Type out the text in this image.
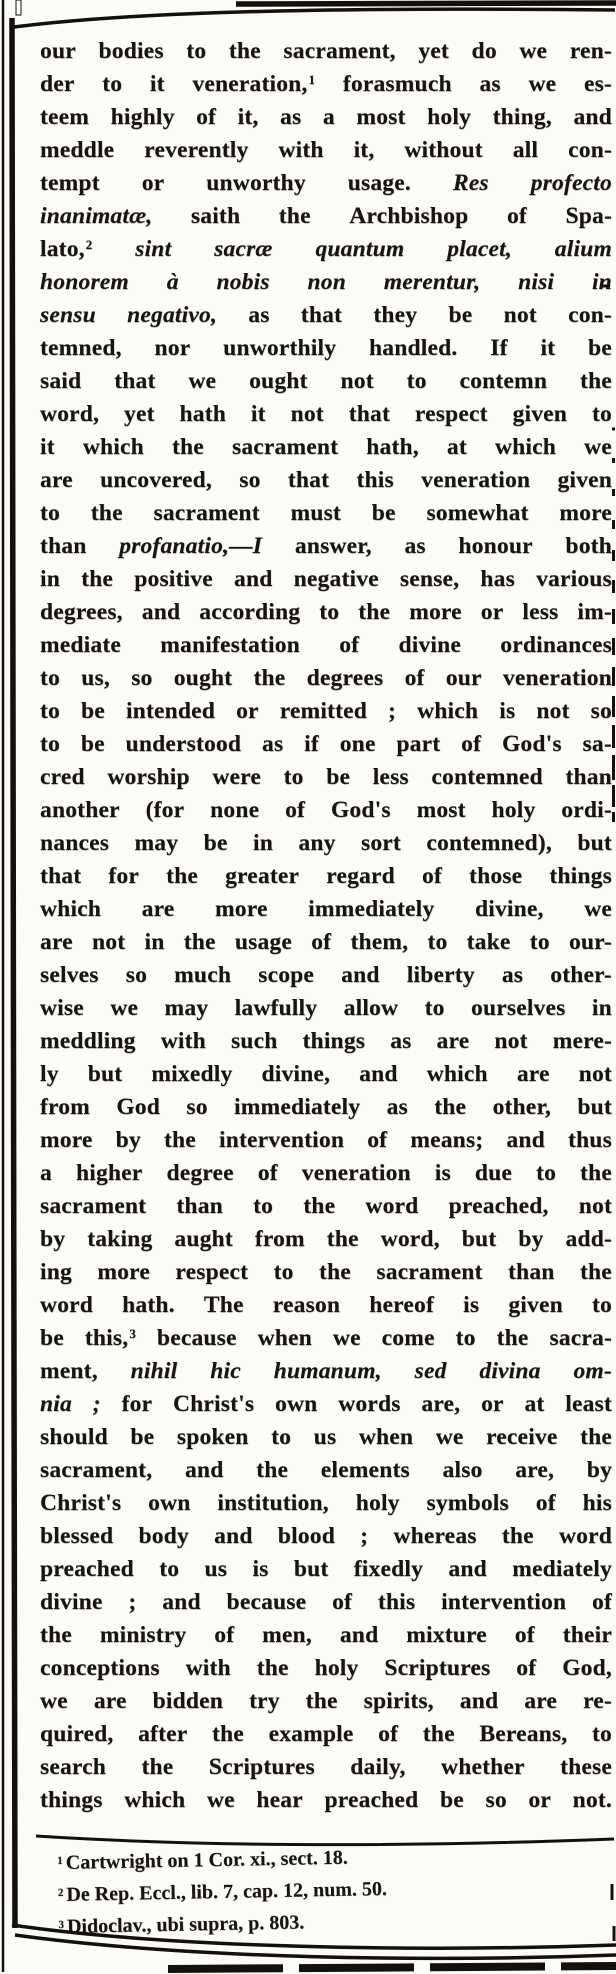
our bodies to the sacrament, yet do we ren-
der to it veneration,$^1$ forasmuch as we es-
teem highly of it, as a most holy thing, and
meddle reverently with it, without all con-
tempt or unworthy usage. Res profecto
inanimatæ, saith the Archbishop of Spa-
lato,$^2$ sint sacræ quantum placet, alium
honorem à nobis non merentur, nisi in
sensu negativo, as that they be not con-
temned, nor unworthily handled. If it be
said that we ought not to contemn the
word, yet hath it not that respect given to
it which the sacrament hath, at which we
are uncovered, so that this veneration given
to the sacrament must be somewhat more
than profanatio,—I answer, as honour both
in the positive and negative sense, has various
degrees, and according to the more or less im-
mediate manifestation of divine ordinances
to us, so ought the degrees of our veneration
to be intended or remitted ; which is not so
to be understood as if one part of God's sa-
cred worship were to be less contemned than
another (for none of God's most holy ordi-
nances may be in any sort contemned), but
that for the greater regard of those things
which are more immediately divine, we
are not in the usage of them, to take to our-
selves so much scope and liberty as other-
wise we may lawfully allow to ourselves in
meddling with such things as are not mere-
ly but mixedly divine, and which are not
from God so immediately as the other, but
more by the intervention of means; and thus
a higher degree of veneration is due to the
sacrament than to the word preached, not
by taking aught from the word, but by add-
ing more respect to the sacrament than the
word hath. The reason hereof is given to
be this,$^3$ because when we come to the sacra-
ment, nihil hic humanum, sed divina om-
nia ; for Christ's own words are, or at least
should be spoken to us when we receive the
sacrament, and the elements also are, by
Christ's own institution, holy symbols of his
blessed body and blood ; whereas the word
preached to us is but fixedly and mediately
divine ; and because of this intervention of
the ministry of men, and mixture of their
conceptions with the holy Scriptures of God,
we are bidden try the spirits, and are re-
quired, after the example of the Bereans, to
search the Scriptures daily, whether these
things which we hear preached be so or not.
$^1$ Cartwright on 1 Cor. xi., sect. 18.
$^2$ De Rep. Eccl., lib. 7, cap. 12, num. 50.
$^3$ Didoclav., ubi supra, p. 803.
